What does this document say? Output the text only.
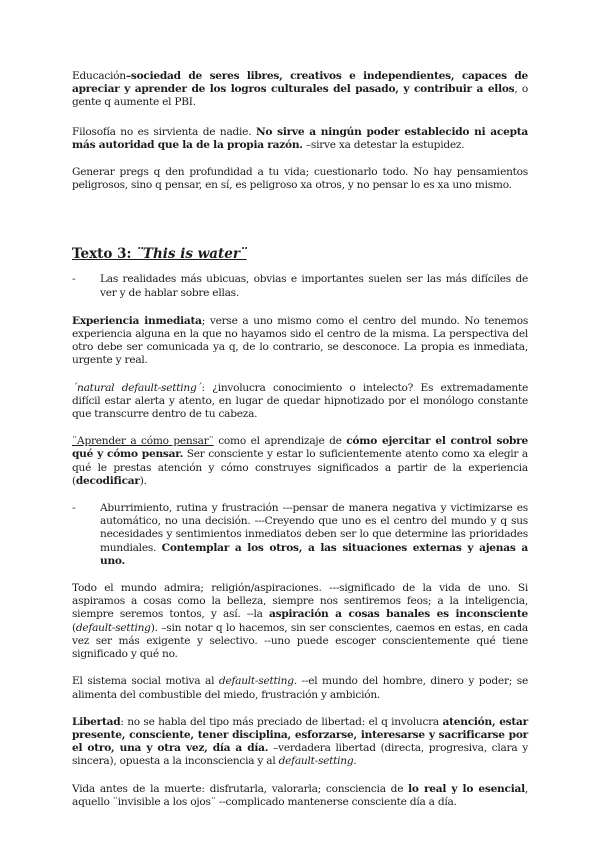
Educación–sociedad de seres libres, creativos e independientes, capaces de apreciar y aprender de los logros culturales del pasado, y contribuir a ellos, o gente q aumente el PBI.

Filosofía no es sirvienta de nadie. No sirve a ningún poder establecido ni acepta más autoridad que la de la propia razón. –sirve xa detestar la estupidez.

Generar pregs q den profundidad a tu vida; cuestionarlo todo. No hay pensamientos peligrosos, sino q pensar, en sí, es peligroso xa otros, y no pensar lo es xa uno mismo.

Texto 3: ¨This is water¨

-	Las realidades más ubicuas, obvias e importantes suelen ser las más difíciles de ver y de hablar sobre ellas.

Experiencia inmediata; verse a uno mismo como el centro del mundo. No tenemos experiencia alguna en la que no hayamos sido el centro de la misma. La perspectiva del otro debe ser comunicada ya q, de lo contrario, se desconoce. La propia es inmediata, urgente y real.

´natural default-setting´: ¿involucra conocimiento o intelecto? Es extremadamente difícil estar alerta y atento, en lugar de quedar hipnotizado por el monólogo constante que transcurre dentro de tu cabeza.

¨Aprender a cómo pensar¨ como el aprendizaje de cómo ejercitar el control sobre qué y cómo pensar. Ser consciente y estar lo suficientemente atento como xa elegir a qué le prestas atención y cómo construyes significados a partir de la experiencia (decodificar).

-	Aburrimiento, rutina y frustración ---pensar de manera negativa y victimizarse es automático, no una decisión. ---Creyendo que uno es el centro del mundo y q sus necesidades y sentimientos inmediatos deben ser lo que determine las prioridades mundiales. Contemplar a los otros, a las situaciones externas y ajenas a uno.

Todo el mundo admira; religión/aspiraciones. ---significado de la vida de uno. Si aspiramos a cosas como la belleza, siempre nos sentiremos feos; a la inteligencia, siempre seremos tontos, y así. --la aspiración a cosas banales es inconsciente (default-setting). –sin notar q lo hacemos, sin ser conscientes, caemos en estas, en cada vez ser más exigente y selectivo. --uno puede escoger conscientemente qué tiene significado y qué no.

El sistema social motiva al default-setting. --el mundo del hombre, dinero y poder; se alimenta del combustible del miedo, frustración y ambición.

Libertad: no se habla del tipo más preciado de libertad: el q involucra atención, estar presente, consciente, tener disciplina, esforzarse, interesarse y sacrificarse por el otro, una y otra vez, día a día. –verdadera libertad (directa, progresiva, clara y sincera), opuesta a la inconsciencia y al default-setting.

Vida antes de la muerte: disfrutarla, valorarla; consciencia de lo real y lo esencial, aquello ¨invisible a los ojos¨ --complicado mantenerse consciente día a día.
